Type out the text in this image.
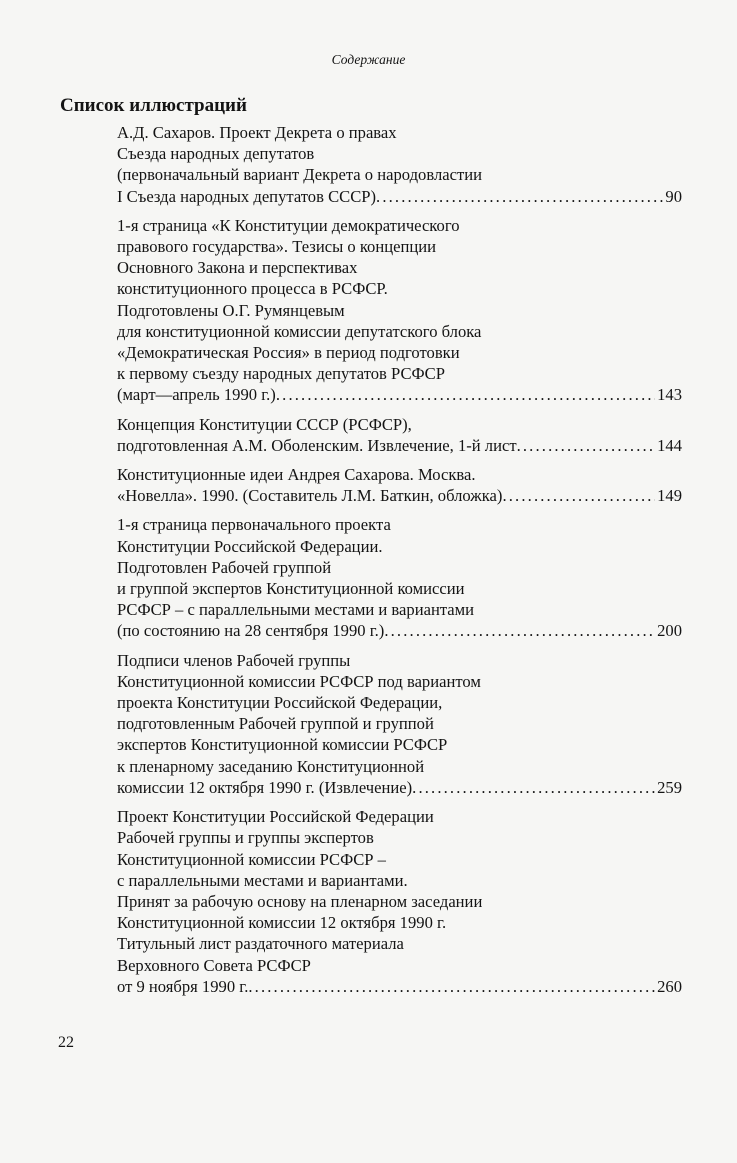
Содержание
Список иллюстраций
А.Д. Сахаров. Проект Декрета о правах
Съезда народных депутатов
(первоначальный вариант Декрета о народовластии
I Съезда народных депутатов СССР) . . .	90
1-я страница «К Конституции демократического
правового государства». Тезисы о концепции
Основного Закона и перспективах
конституционного процесса в РСФСР.
Подготовлены О.Г. Румянцевым
для конституционной комиссии депутатского блока
«Демократическая Россия» в период подготовки
к первому съезду народных депутатов РСФСР
(март—апрель 1990 г.) . . .	143
Концепция Конституции СССР (РСФСР),
подготовленная А.М. Оболенским. Извлечение, 1-й лист . . .	144
Конституционные идеи Андрея Сахарова. Москва.
«Новелла». 1990. (Составитель Л.М. Баткин, обложка) . . .	149
1-я страница первоначального проекта
Конституции Российской Федерации.
Подготовлен Рабочей группой
и группой экспертов Конституционной комиссии
РСФСР – с параллельными местами и вариантами
(по состоянию на 28 сентября 1990 г.) . . .	200
Подписи членов Рабочей группы
Конституционной комиссии РСФСР под вариантом
проекта Конституции Российской Федерации,
подготовленным Рабочей группой и группой
экспертов Конституционной комиссии РСФСР
к пленарному заседанию Конституционной
комиссии 12 октября 1990 г. (Извлечение) . . .	259
Проект Конституции Российской Федерации
Рабочей группы и группы экспертов
Конституционной комиссии РСФСР –
с параллельными местами и вариантами.
Принят за рабочую основу на пленарном заседании
Конституционной комиссии 12 октября 1990 г.
Титульный лист раздаточного материала
Верховного Совета РСФСР
от 9 ноября 1990 г. . . .	260
22
